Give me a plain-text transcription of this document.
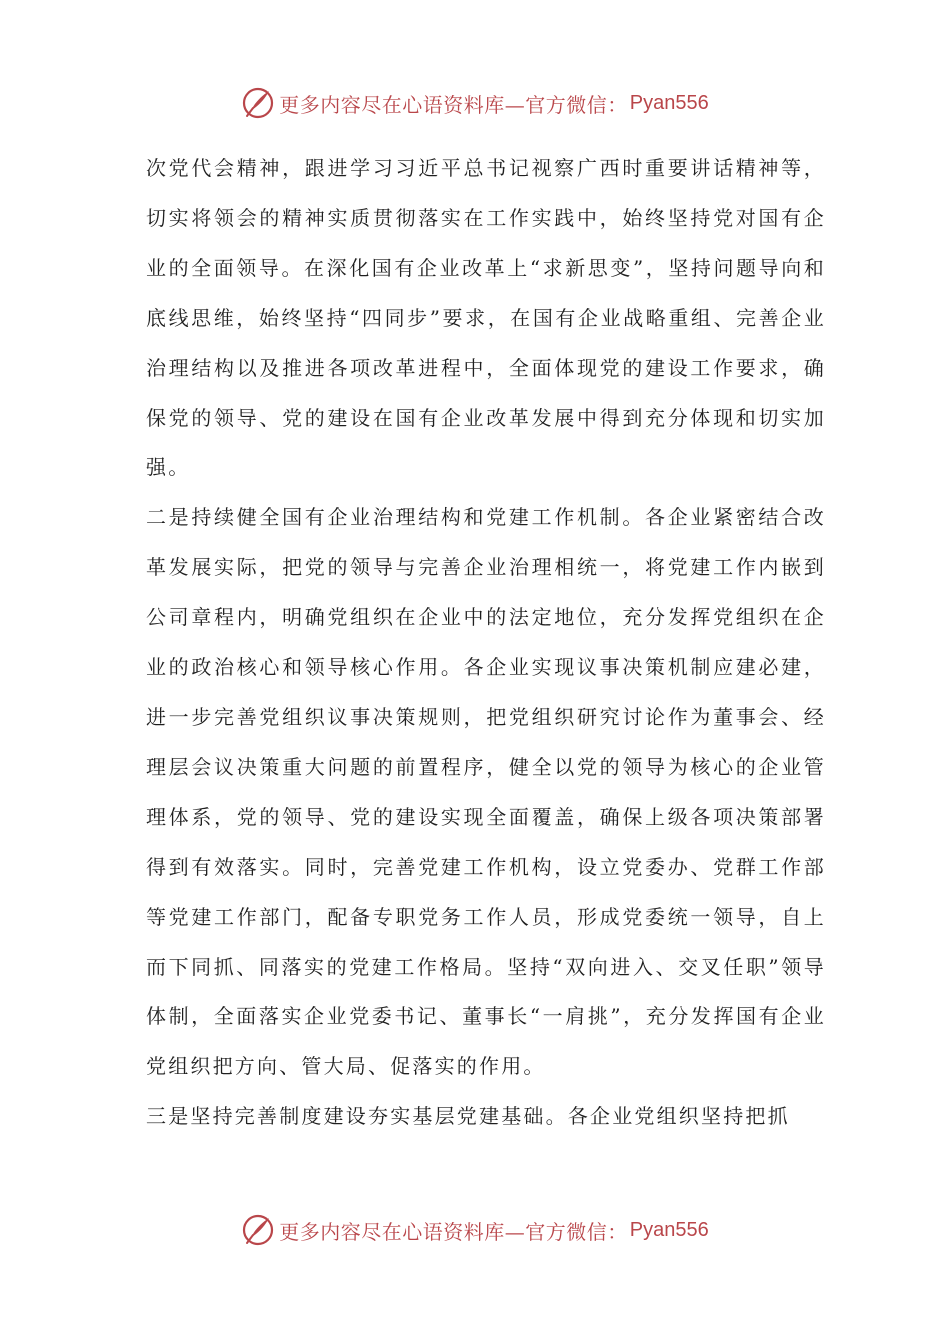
更多内容尽在心语资料库—官方微信： Pyan556

次党代会精神，跟进学习习近平总书记视察广西时重要讲话精神等，切实将领会的精神实质贯彻落实在工作实践中，始终坚持党对国有企业的全面领导。在深化国有企业改革上“求新思变”，坚持问题导向和底线思维，始终坚持“四同步”要求，在国有企业战略重组、完善企业治理结构以及推进各项改革进程中，全面体现党的建设工作要求，确保党的领导、党的建设在国有企业改革发展中得到充分体现和切实加强。

二是持续健全国有企业治理结构和党建工作机制。各企业紧密结合改革发展实际，把党的领导与完善企业治理相统一，将党建工作内嵌到公司章程内，明确党组织在企业中的法定地位，充分发挥党组织在企业的政治核心和领导核心作用。各企业实现议事决策机制应建必建，进一步完善党组织议事决策规则，把党组织研究讨论作为董事会、经理层会议决策重大问题的前置程序，健全以党的领导为核心的企业管理体系，党的领导、党的建设实现全面覆盖，确保上级各项决策部署得到有效落实。同时，完善党建工作机构，设立党委办、党群工作部等党建工作部门，配备专职党务工作人员，形成党委统一领导，自上而下同抓、同落实的党建工作格局。坚持“双向进入、交叉任职”领导体制，全面落实企业党委书记、董事长“一肩挑”，充分发挥国有企业党组织把方向、管大局、促落实的作用。

三是坚持完善制度建设夯实基层党建基础。各企业党组织坚持把抓

更多内容尽在心语资料库—官方微信： Pyan556
